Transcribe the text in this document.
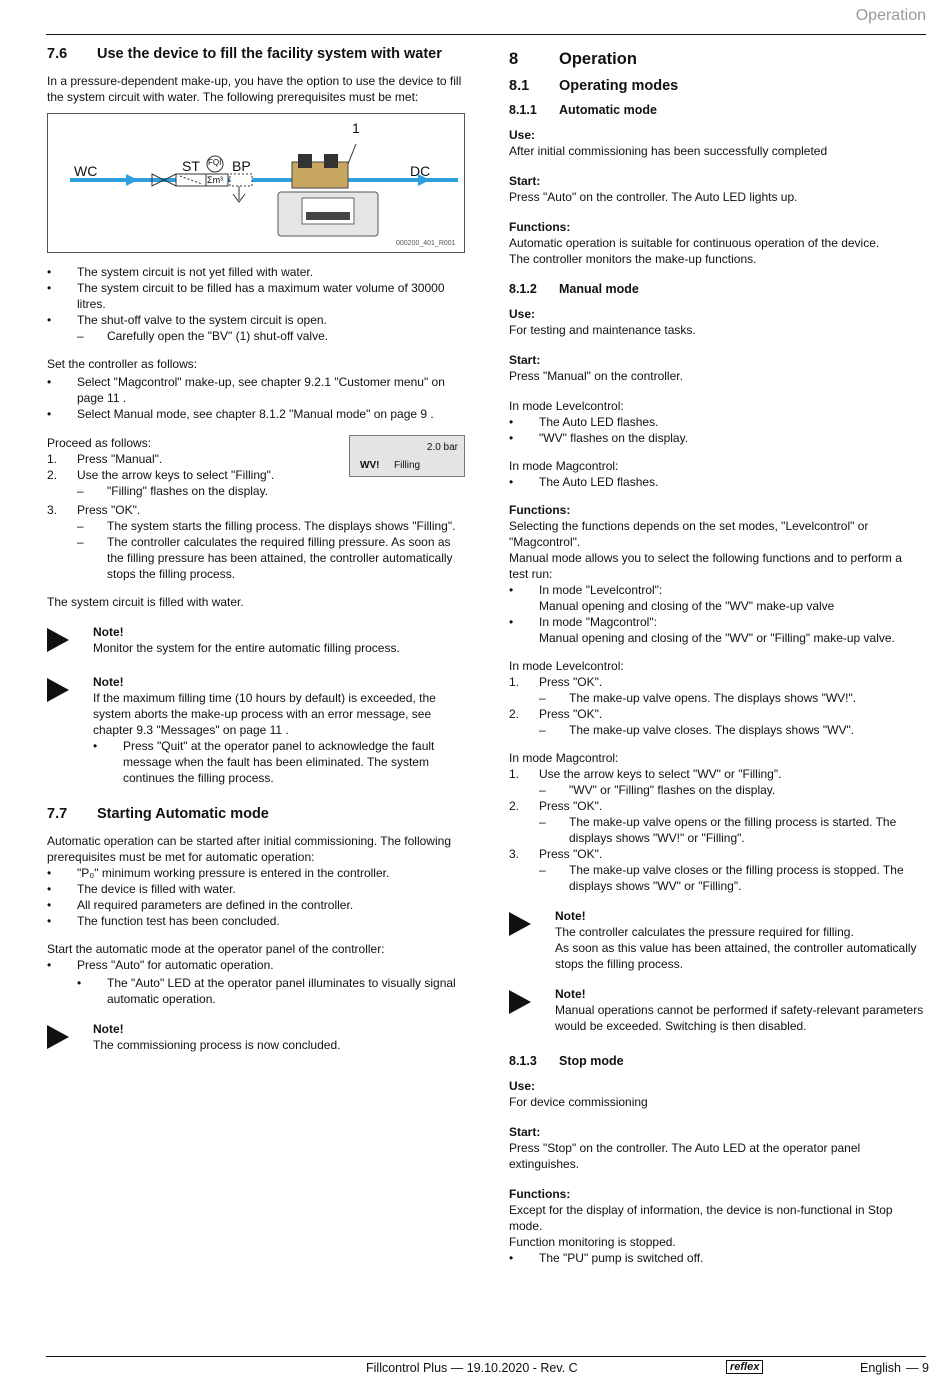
Operation
7.6	Use the device to fill the facility system with water

In a pressure-dependent make-up, you have the option to use the device to fill the system circuit with water. The following prerequisites must be met:

WC	ST FQI BP
Σm³
DC
1
000200_401_R001
•	The system circuit is not yet filled with water.
•	The system circuit to be filled has a maximum water volume of 30000 litres.
•	The shut-off valve to the system circuit is open.
–	Carefully open the "BV" (1) shut-off valve.

Set the controller as follows:

•	Select "Magcontrol" make-up, see chapter 9.2.1 "Customer menu" on page 11 .
•	Select Manual mode, see chapter 8.1.2 "Manual mode" on page 9 .
2.0 bar
WV! Filling

Proceed as follows:

1.	Press "Manual".
2.	Use the arrow keys to select "Filling".
–	"Filling" flashes on the display.
3.	Press "OK".
–	The system starts the filling process. The displays shows "Filling".
–	The controller calculates the required filling pressure. As soon as the filling pressure has been attained, the controller automatically stops the filling process.

The system circuit is filled with water.

Note!

Monitor the system for the entire automatic filling process.

Note!

If the maximum filling time (10 hours by default) is exceeded, the system aborts the make-up process with an error message, see chapter 9.3 "Messages" on page 11 .

•	Press "Quit" at the operator panel to acknowledge the fault message when the fault has been eliminated. The system continues the filling process.
7.7	Starting Automatic mode

Automatic operation can be started after initial commissioning. The following prerequisites must be met for automatic operation:

•	"P₀" minimum working pressure is entered in the controller.
•	The device is filled with water.
•	All required parameters are defined in the controller.
•	The function test has been concluded.

Start the automatic mode at the operator panel of the controller:

•	Press "Auto" for automatic operation.
•	The "Auto" LED at the operator panel illuminates to visually signal automatic operation.

Note!

The commissioning process is now concluded.

8	Operation
8.1	Operating modes
8.1.1	Automatic mode

Use:

After initial commissioning has been successfully completed

Start:

Press "Auto" on the controller. The Auto LED lights up.

Functions:

Automatic operation is suitable for continuous operation of the device.

The controller monitors the make-up functions.

8.1.2	Manual mode

Use:

For testing and maintenance tasks.

Start:

Press "Manual" on the controller.

In mode Levelcontrol:

•	The Auto LED flashes.
•	"WV" flashes on the display.

In mode Magcontrol:

•	The Auto LED flashes.

Functions:

Selecting the functions depends on the set modes, "Levelcontrol" or "Magcontrol".

Manual mode allows you to select the following functions and to perform a test run:

•	In mode "Levelcontrol":
Manual opening and closing of the "WV" make-up valve
•	In mode "Magcontrol":
Manual opening and closing of the "WV" or "Filling" make-up valve.

In mode Levelcontrol:

1.	Press "OK".
–	The make-up valve opens. The displays shows "WV!".
2.	Press "OK".
–	The make-up valve closes. The displays shows "WV".

In mode Magcontrol:

1.	Use the arrow keys to select "WV" or "Filling".
–	"WV" or "Filling" flashes on the display.
2.	Press "OK".
–	The make-up valve opens or the filling process is started. The displays shows "WV!" or "Filling".
3.	Press "OK".
–	The make-up valve closes or the filling process is stopped. The displays shows "WV" or "Filling".

Note!

The controller calculates the pressure required for filling.

As soon as this value has been attained, the controller automatically stops the filling process.

Note!

Manual operations cannot be performed if safety-relevant parameters would be exceeded. Switching is then disabled.

8.1.3	Stop mode

Use:

For device commissioning

Start:

Press "Stop" on the controller. The Auto LED at the operator panel extinguishes.

Functions:

Except for the display of information, the device is non-functional in Stop mode.

Function monitoring is stopped.

•	The "PU" pump is switched off.
Fillcontrol Plus — 19.10.2020 - Rev. C	reflex	English — 9
